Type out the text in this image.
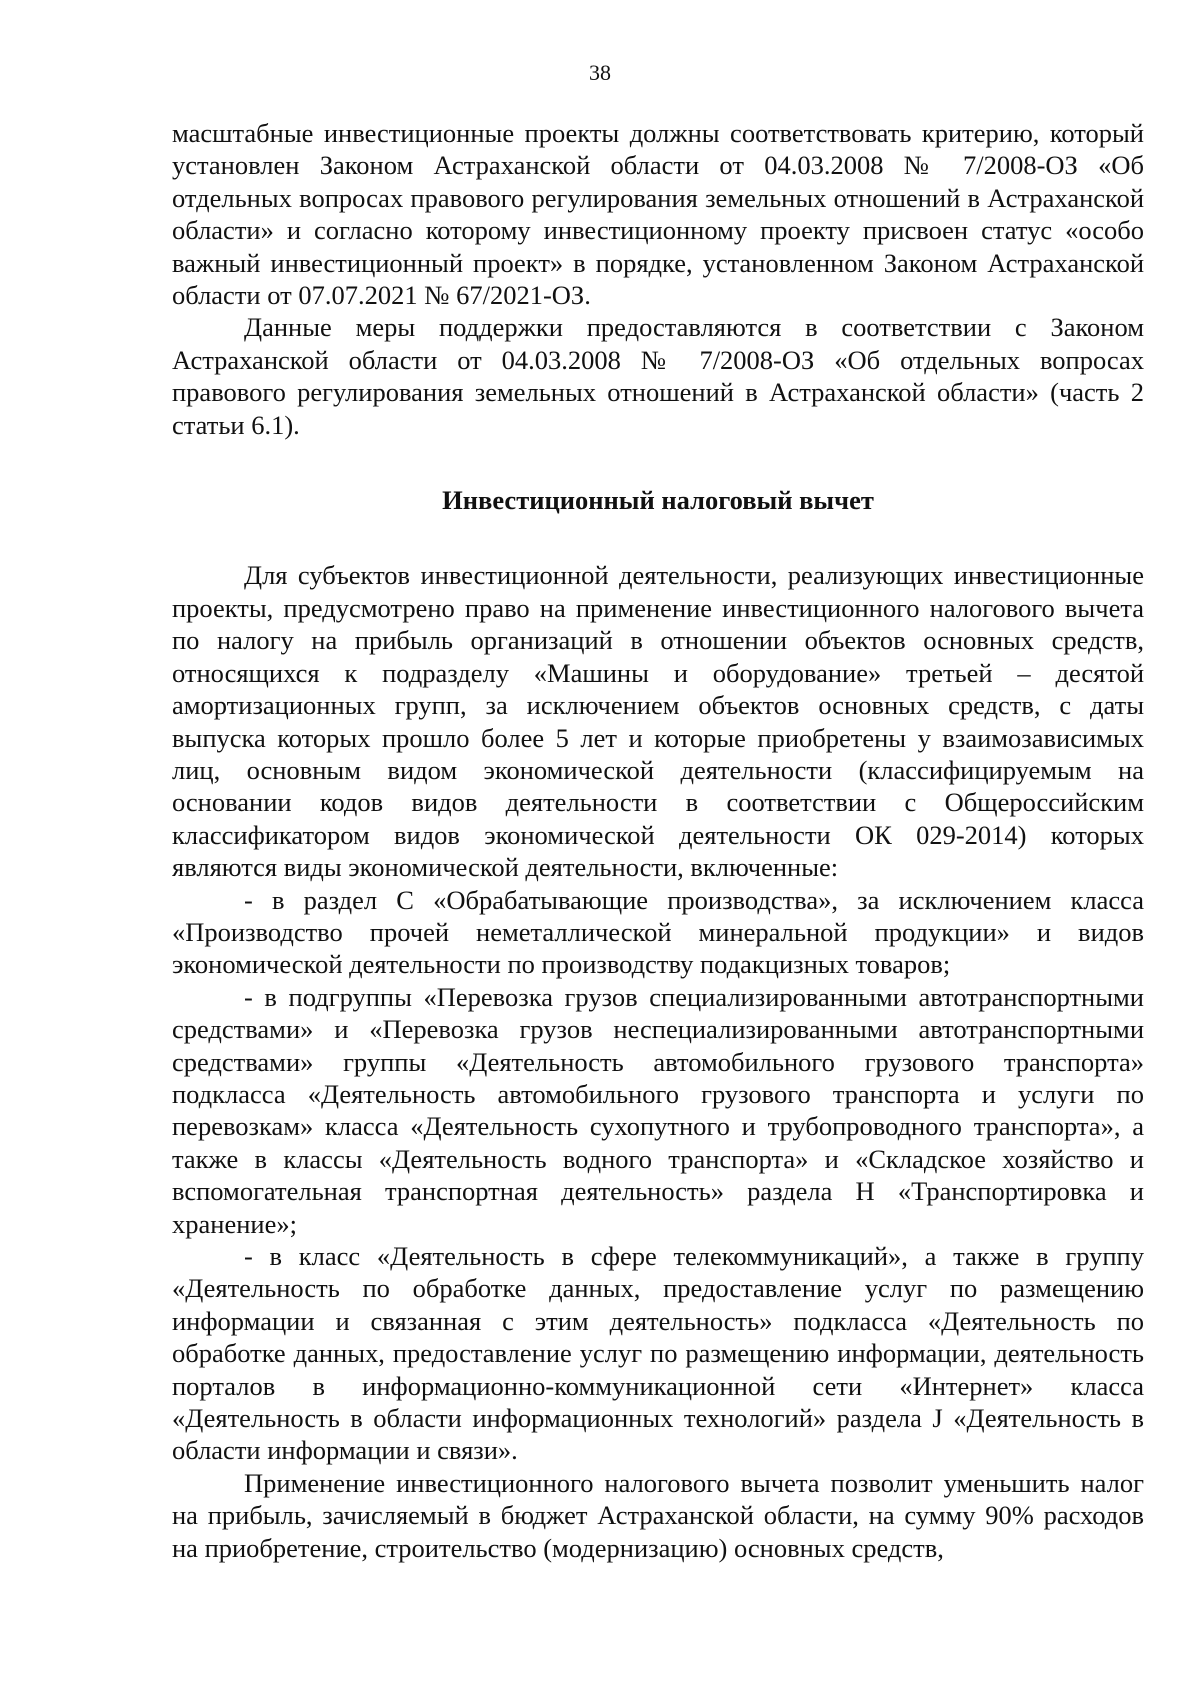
38

масштабные инвестиционные проекты должны соответствовать критерию, который установлен Законом Астраханской области от 04.03.2008 № 7/2008-ОЗ «Об отдельных вопросах правового регулирования земельных отношений в Астраханской области» и согласно которому инвестиционному проекту присвоен статус «особо важный инвестиционный проект» в порядке, установленном Законом Астраханской области от 07.07.2021 № 67/2021-ОЗ.

Данные меры поддержки предоставляются в соответствии с Законом Астраханской области от 04.03.2008 № 7/2008-ОЗ «Об отдельных вопросах правового регулирования земельных отношений в Астраханской области» (часть 2 статьи 6.1).

Инвестиционный налоговый вычет

Для субъектов инвестиционной деятельности, реализующих инвестиционные проекты, предусмотрено право на применение инвестиционного налогового вычета по налогу на прибыль организаций в отношении объектов основных средств, относящихся к подразделу «Машины и оборудование» третьей – десятой амортизационных групп, за исключением объектов основных средств, с даты выпуска которых прошло более 5 лет и которые приобретены у взаимозависимых лиц, основным видом экономической деятельности (классифицируемым на основании кодов видов деятельности в соответствии с Общероссийским классификатором видов экономической деятельности ОК 029-2014) которых являются виды экономической деятельности, включенные:

- в раздел C «Обрабатывающие производства», за исключением класса «Производство прочей неметаллической минеральной продукции» и видов экономической деятельности по производству подакцизных товаров;

- в подгруппы «Перевозка грузов специализированными автотранспортными средствами» и «Перевозка грузов неспециализированными автотранспортными средствами» группы «Деятельность автомобильного грузового транспорта» подкласса «Деятельность автомобильного грузового транспорта и услуги по перевозкам» класса «Деятельность сухопутного и трубопроводного транспорта», а также в классы «Деятельность водного транспорта» и «Складское хозяйство и вспомогательная транспортная деятельность» раздела H «Транспортировка и хранение»;

- в класс «Деятельность в сфере телекоммуникаций», а также в группу «Деятельность по обработке данных, предоставление услуг по размещению информации и связанная с этим деятельность» подкласса «Деятельность по обработке данных, предоставление услуг по размещению информации, деятельность порталов в информационно-коммуникационной сети «Интернет» класса «Деятельность в области информационных технологий» раздела J «Деятельность в области информации и связи».

Применение инвестиционного налогового вычета позволит уменьшить налог на прибыль, зачисляемый в бюджет Астраханской области, на сумму 90% расходов на приобретение, строительство (модернизацию) основных средств,
